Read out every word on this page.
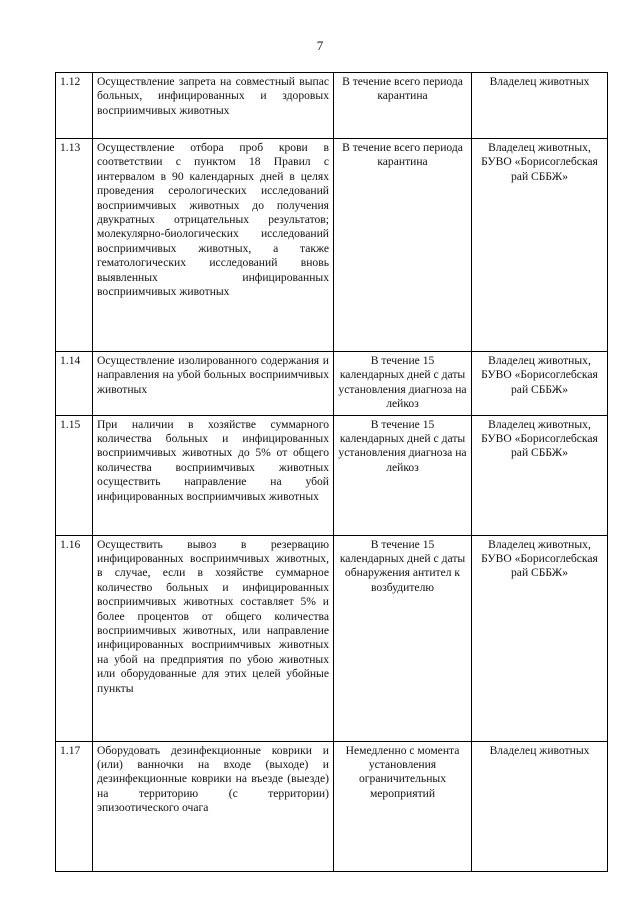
7
1.12	Осуществление запрета на совместный выпас больных, инфицированных и здоровых восприимчивых животных	В течение всего периода карантина	Владелец животных
1.13	Осуществление отбора проб крови в соответствии с пунктом 18 Правил с интервалом в 90 календарных дней в целях проведения серологических исследований восприимчивых животных до получения двукратных отрицательных результатов; молекулярно-биологических исследований восприимчивых животных, а также гематологических исследований вновь выявленных инфицированных восприимчивых животных	В течение всего периода карантина	Владелец животных, БУВО «Борисоглебская рай СББЖ»
1.14	Осуществление изолированного содержания и направления на убой больных восприимчивых животных	В течение 15 календарных дней с даты установления диагноза на лейкоз	Владелец животных, БУВО «Борисоглебская рай СББЖ»
1.15	При наличии в хозяйстве суммарного количества больных и инфицированных восприимчивых животных до 5% от общего количества восприимчивых животных осуществить направление на убой инфицированных восприимчивых животных	В течение 15 календарных дней с даты установления диагноза на лейкоз	Владелец животных, БУВО «Борисоглебская рай СББЖ»
1.16	Осуществить вывоз в резервацию инфицированных восприимчивых животных, в случае, если в хозяйстве суммарное количество больных и инфицированных восприимчивых животных составляет 5% и более процентов от общего количества восприимчивых животных, или направление инфицированных восприимчивых животных на убой на предприятия по убою животных или оборудованные для этих целей убойные пункты	В течение 15 календарных дней с даты обнаружения антител к возбудителю	Владелец животных, БУВО «Борисоглебская рай СББЖ»
1.17	Оборудовать дезинфекционные коврики и (или) ванночки на входе (выходе) и дезинфекционные коврики на въезде (выезде) на территорию (с территории) эпизоотического очага	Немедленно с момента установления ограничительных мероприятий	Владелец животных
